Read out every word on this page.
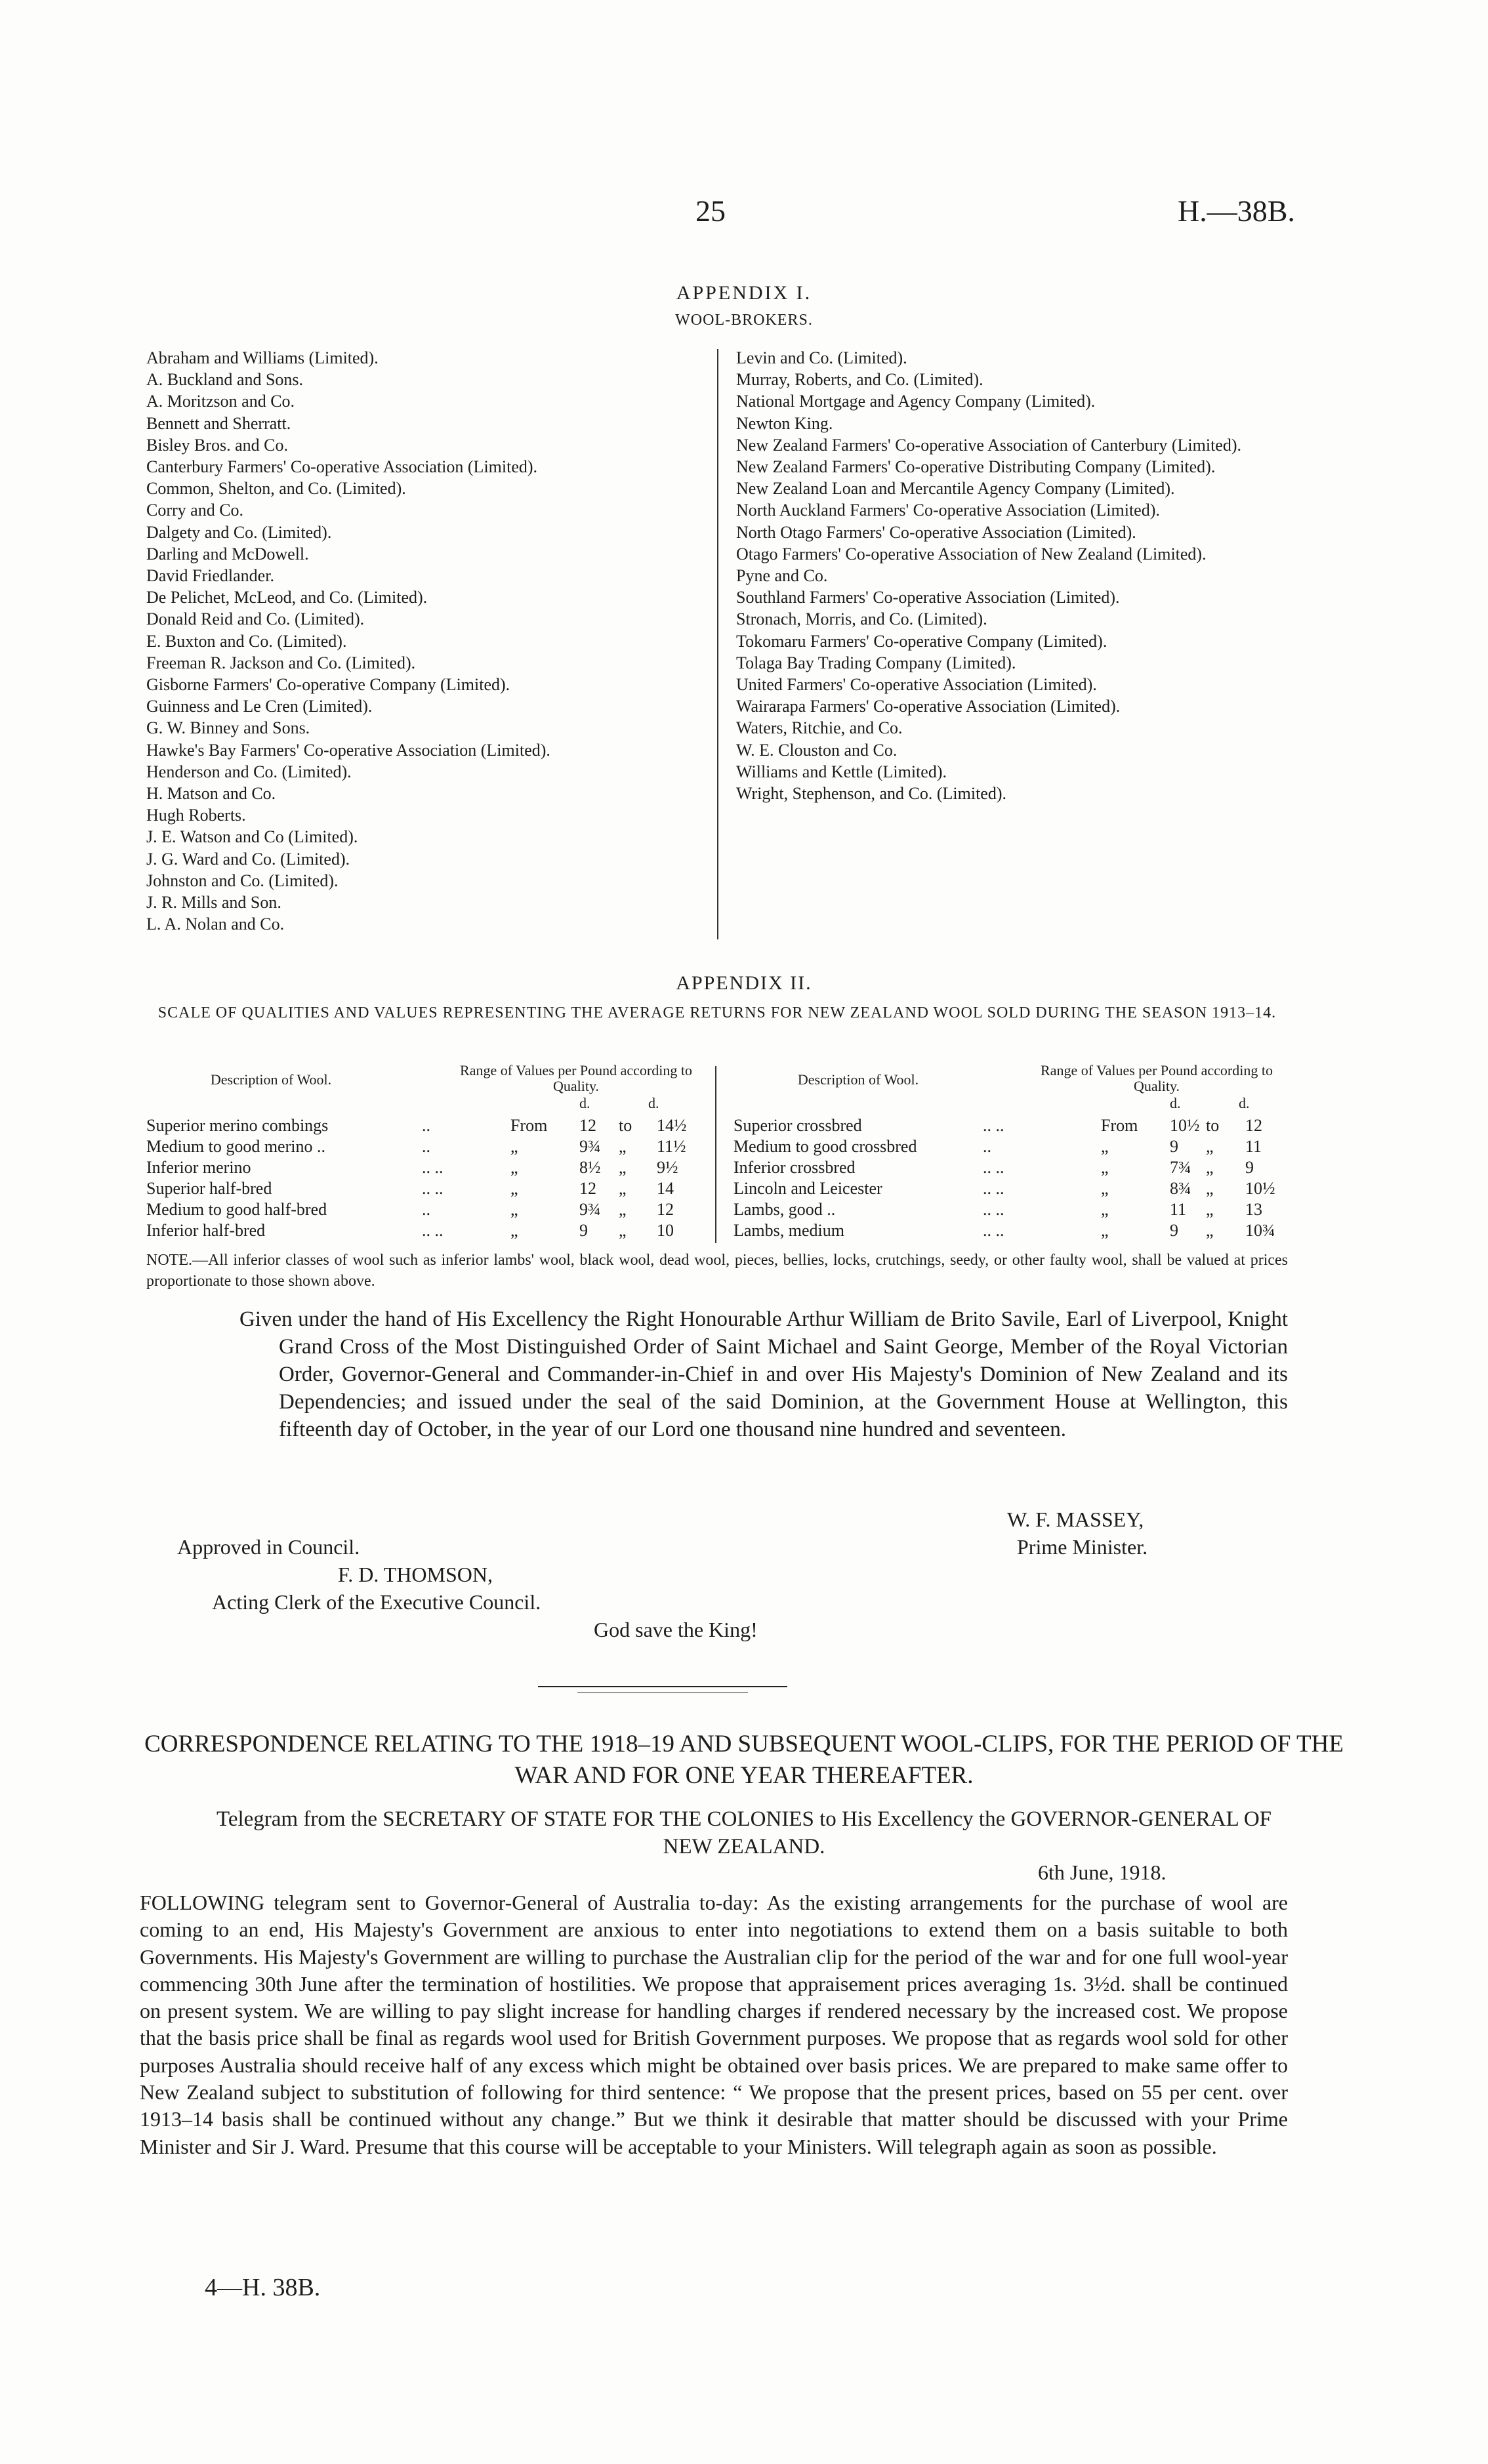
25	H.—38B.
APPENDIX I.
WOOL-BROKERS.
Abraham and Williams (Limited).
A. Buckland and Sons.
A. Moritzson and Co.
Bennett and Sherratt.
Bisley Bros. and Co.
Canterbury Farmers' Co-operative Association (Limited).
Common, Shelton, and Co. (Limited).
Corry and Co.
Dalgety and Co. (Limited).
Darling and McDowell.
David Friedlander.
De Pelichet, McLeod, and Co. (Limited).
Donald Reid and Co. (Limited).
E. Buxton and Co. (Limited).
Freeman R. Jackson and Co. (Limited).
Gisborne Farmers' Co-operative Company (Limited).
Guinness and Le Cren (Limited).
G. W. Binney and Sons.
Hawke's Bay Farmers' Co-operative Association (Limited).
Henderson and Co. (Limited).
H. Matson and Co.
Hugh Roberts.
J. E. Watson and Co (Limited).
J. G. Ward and Co. (Limited).
Johnston and Co. (Limited).
J. R. Mills and Son.
L. A. Nolan and Co.
Levin and Co. (Limited).
Murray, Roberts, and Co. (Limited).
National Mortgage and Agency Company (Limited).
Newton King.
New Zealand Farmers' Co-operative Association of Canterbury (Limited).
New Zealand Farmers' Co-operative Distributing Company (Limited).
New Zealand Loan and Mercantile Agency Company (Limited).
North Auckland Farmers' Co-operative Association (Limited).
North Otago Farmers' Co-operative Association (Limited).
Otago Farmers' Co-operative Association of New Zealand (Limited).
Pyne and Co.
Southland Farmers' Co-operative Association (Limited).
Stronach, Morris, and Co. (Limited).
Tokomaru Farmers' Co-operative Company (Limited).
Tolaga Bay Trading Company (Limited).
United Farmers' Co-operative Association (Limited).
Wairarapa Farmers' Co-operative Association (Limited).
Waters, Ritchie, and Co.
W. E. Clouston and Co.
Williams and Kettle (Limited).
Wright, Stephenson, and Co. (Limited).
APPENDIX II.
SCALE OF QUALITIES AND VALUES REPRESENTING THE AVERAGE RETURNS FOR NEW ZEALAND WOOL SOLD DURING THE SEASON 1913–14.
Description of Wool.
Range of Values per Pound according to Quality.
d.	d.
Superior merino combings	..	From 12 to 14½
Medium to good merino ..	..	„	9¾ „ 11½
Inferior merino	.. ..	„	8½ „ 9½
Superior half-bred	.. ..	„	12 „ 14
Medium to good half-bred	..	„	9¾ „ 12
Inferior half-bred	.. ..	„	9 „ 10
Description of Wool.
Range of Values per Pound according to Quality.
d.	d.
Superior crossbred	.. ..	From 10½ to 12
Medium to good crossbred	..	„	9 „ 11
Inferior crossbred	.. ..	„	7¾ „ 9
Lincoln and Leicester	.. ..	„	8¾ „ 10½
Lambs, good ..	.. ..	„	11 „ 13
Lambs, medium	.. ..	„	9 „ 10¾
NOTE.—All inferior classes of wool such as inferior lambs' wool, black wool, dead wool, pieces, bellies, locks, crutchings, seedy, or other faulty wool, shall be valued at prices proportionate to those shown above.

Given under the hand of His Excellency the Right Honourable Arthur William de Brito Savile, Earl of Liverpool, Knight Grand Cross of the Most Distinguished Order of Saint Michael and Saint George, Member of the Royal Victorian Order, Governor-General and Commander-in-Chief in and over His Majesty's Dominion of New Zealand and its Dependencies; and issued under the seal of the said Dominion, at the Government House at Wellington, this fifteenth day of October, in the year of our Lord one thousand nine hundred and seventeen.

W. F. MASSEY,
Prime Minister.
Approved in Council.
F. D. THOMSON,
Acting Clerk of the Executive Council.
God save the King!
CORRESPONDENCE RELATING TO THE 1918–19 AND SUBSEQUENT WOOL-CLIPS, FOR THE PERIOD OF THE WAR AND FOR ONE YEAR THEREAFTER.
Telegram from the SECRETARY OF STATE FOR THE COLONIES to His Excellency the GOVERNOR-GENERAL OF NEW ZEALAND.
6th June, 1918.
FOLLOWING telegram sent to Governor-General of Australia to-day: As the existing arrangements for the purchase of wool are coming to an end, His Majesty's Government are anxious to enter into negotiations to extend them on a basis suitable to both Governments. His Majesty's Government are willing to purchase the Australian clip for the period of the war and for one full wool-year commencing 30th June after the termination of hostilities. We propose that appraisement prices averaging 1s. 3½d. shall be continued on present system. We are willing to pay slight increase for handling charges if rendered necessary by the increased cost. We propose that the basis price shall be final as regards wool used for British Government purposes. We propose that as regards wool sold for other purposes Australia should receive half of any excess which might be obtained over basis prices. We are prepared to make same offer to New Zealand subject to substitution of following for third sentence: “ We propose that the present prices, based on 55 per cent. over 1913–14 basis shall be continued without any change.” But we think it desirable that matter should be discussed with your Prime Minister and Sir J. Ward. Presume that this course will be acceptable to your Ministers. Will telegraph again as soon as possible.
4—H. 38B.
